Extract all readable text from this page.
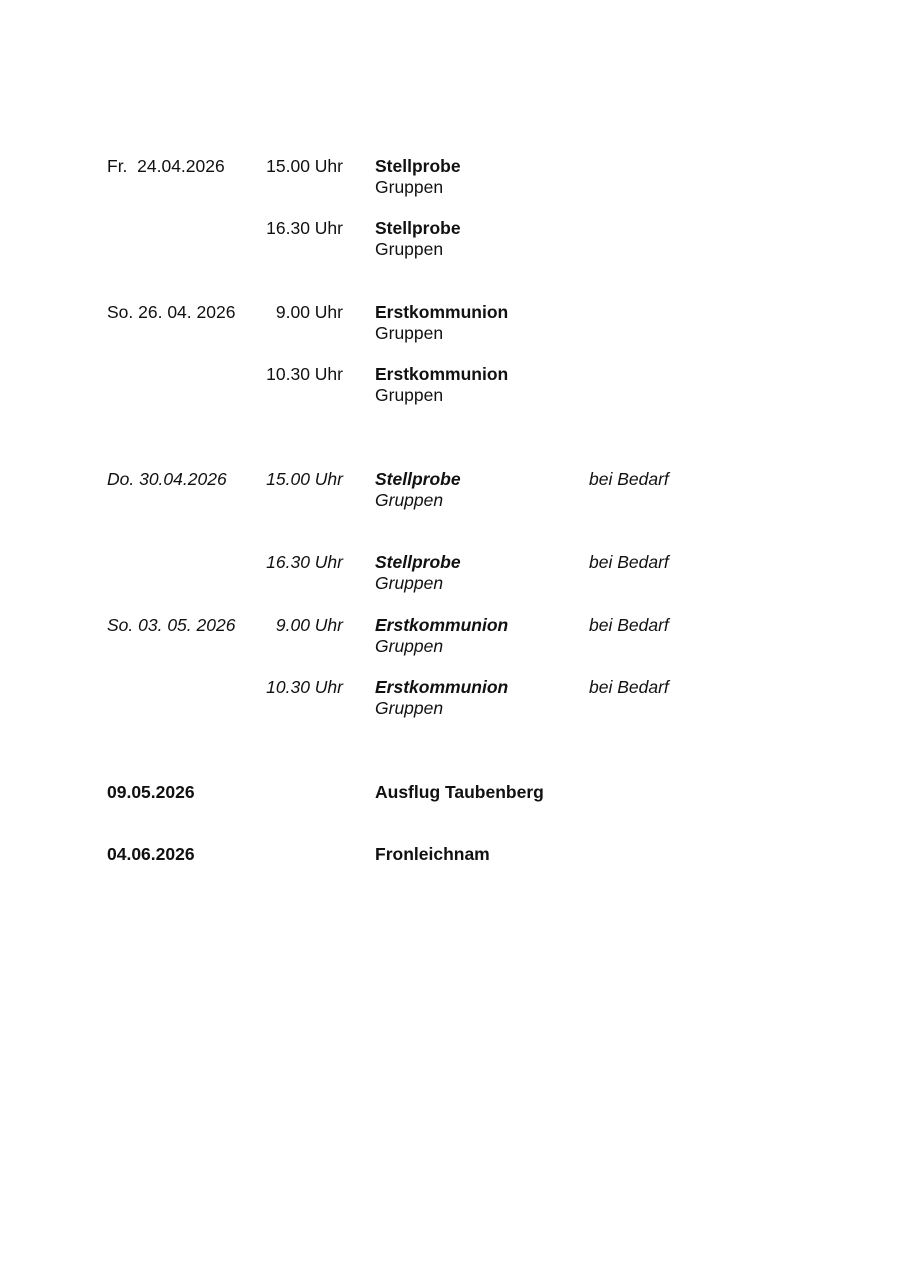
Fr.  24.04.2026	15.00 Uhr Stellprobe
Gruppen
16.30 Uhr Stellprobe
Gruppen
So. 26. 04. 2026	9.00 Uhr Erstkommunion
Gruppen
10.30 Uhr Erstkommunion
Gruppen
Do. 30.04.2026	15.00 Uhr Stellprobe
Gruppen
bei Bedarf
16.30 Uhr Stellprobe
Gruppen
bei Bedarf
So. 03. 05. 2026	9.00 Uhr Erstkommunion
Gruppen
bei Bedarf
10.30 Uhr Erstkommunion
Gruppen
bei Bedarf
09.05.2026	Ausflug Taubenberg
04.06.2026	Fronleichnam
